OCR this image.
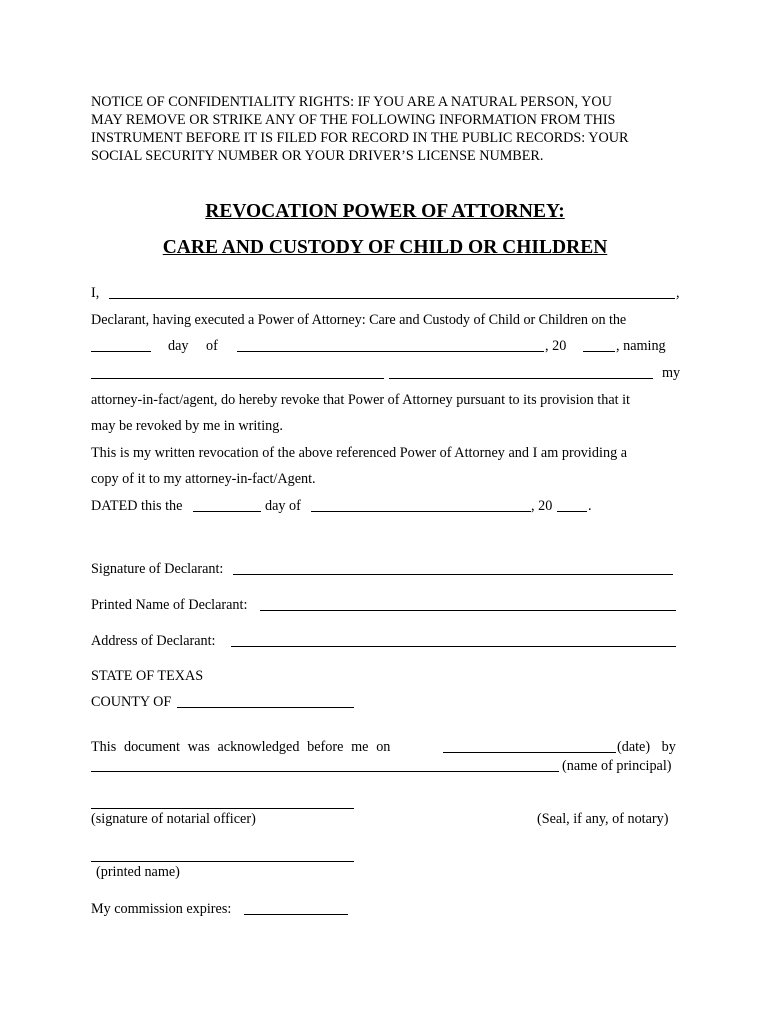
NOTICE OF CONFIDENTIALITY RIGHTS: IF YOU ARE A NATURAL PERSON, YOU
MAY REMOVE OR STRIKE ANY OF THE FOLLOWING INFORMATION FROM THIS
INSTRUMENT BEFORE IT IS FILED FOR RECORD IN THE PUBLIC RECORDS: YOUR
SOCIAL SECURITY NUMBER OR YOUR DRIVER’S LICENSE NUMBER.
REVOCATION POWER OF ATTORNEY:
CARE AND CUSTODY OF CHILD OR CHILDREN
I,	,
Declarant, having executed a Power of Attorney: Care and Custody of Child or Children on the
day of	, 20	, naming
my
attorney-in-fact/agent, do hereby revoke that Power of Attorney pursuant to its provision that it
may be revoked by me in writing.
This is my written revocation of the above referenced Power of Attorney and I am providing a
copy of it to my attorney-in-fact/Agent.
DATED this the	day of	, 20	.
Signature of Declarant:
Printed Name of Declarant:
Address of Declarant:
STATE OF TEXAS
COUNTY OF
This document was acknowledged before me on	(date) by
(name of principal)
(signature of notarial officer)	(Seal, if any, of notary)
(printed name)
My commission expires:
